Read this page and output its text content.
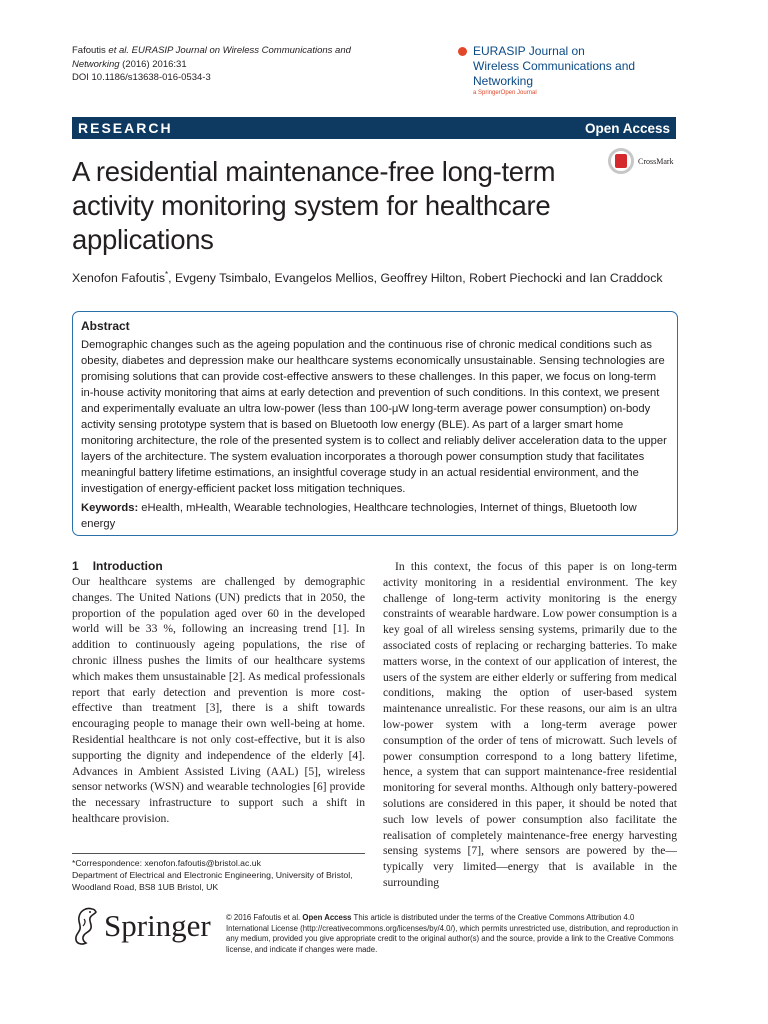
Fafoutis et al. EURASIP Journal on Wireless Communications and Networking (2016) 2016:31
DOI 10.1186/s13638-016-0534-3
EURASIP Journal on
Wireless Communications and Networking
a SpringerOpen Journal
RESEARCH	Open Access
A residential maintenance-free long-term activity monitoring system for healthcare applications
CrossMark
Xenofon Fafoutis*, Evgeny Tsimbalo, Evangelos Mellios, Geoffrey Hilton, Robert Piechocki and Ian Craddock
Abstract
Demographic changes such as the ageing population and the continuous rise of chronic medical conditions such as obesity, diabetes and depression make our healthcare systems economically unsustainable. Sensing technologies are promising solutions that can provide cost-effective answers to these challenges. In this paper, we focus on long-term in-house activity monitoring that aims at early detection and prevention of such conditions. In this context, we present and experimentally evaluate an ultra low-power (less than 100-μW long-term average power consumption) on-body activity sensing prototype system that is based on Bluetooth low energy (BLE). As part of a larger smart home monitoring architecture, the role of the presented system is to collect and reliably deliver acceleration data to the upper layers of the architecture. The system evaluation incorporates a thorough power consumption study that facilitates meaningful battery lifetime estimations, an insightful coverage study in an actual residential environment, and the investigation of energy-efficient packet loss mitigation techniques.
Keywords: eHealth, mHealth, Wearable technologies, Healthcare technologies, Internet of things, Bluetooth low energy
1 Introduction

Our healthcare systems are challenged by demographic changes. The United Nations (UN) predicts that in 2050, the proportion of the population aged over 60 in the developed world will be 33 %, following an increasing trend [1]. In addition to continuously ageing populations, the rise of chronic illness pushes the limits of our healthcare systems which makes them unsustainable [2]. As medical professionals report that early detection and prevention is more cost-effective than treatment [3], there is a shift towards encouraging people to manage their own well-being at home. Residential healthcare is not only cost-effective, but it is also supporting the dignity and independence of the elderly [4]. Advances in Ambient Assisted Living (AAL) [5], wireless sensor networks (WSN) and wearable technologies [6] provide the necessary infrastructure to support such a shift in healthcare provision.

In this context, the focus of this paper is on long-term activity monitoring in a residential environment. The key challenge of long-term activity monitoring is the energy constraints of wearable hardware. Low power consumption is a key goal of all wireless sensing systems, primarily due to the associated costs of replacing or recharging batteries. To make matters worse, in the context of our application of interest, the users of the system are either elderly or suffering from medical conditions, making the option of user-based system maintenance unrealistic. For these reasons, our aim is an ultra low-power system with a long-term average power consumption of the order of tens of microwatt. Such levels of power consumption correspond to a long battery lifetime, hence, a system that can support maintenance-free residential monitoring for several months. Although only battery-powered solutions are considered in this paper, it should be noted that such low levels of power consumption also facilitate the realisation of completely maintenance-free energy harvesting sensing systems [7], where sensors are powered by the—typically very limited—energy that is available in the surrounding

*Correspondence: xenofon.fafoutis@bristol.ac.uk
Department of Electrical and Electronic Engineering, University of Bristol, Woodland Road, BS8 1UB Bristol, UK
Springer © 2016 Fafoutis et al. Open Access This article is distributed under the terms of the Creative Commons Attribution 4.0 International License (http://creativecommons.org/licenses/by/4.0/), which permits unrestricted use, distribution, and reproduction in any medium, provided you give appropriate credit to the original author(s) and the source, provide a link to the Creative Commons license, and indicate if changes were made.
